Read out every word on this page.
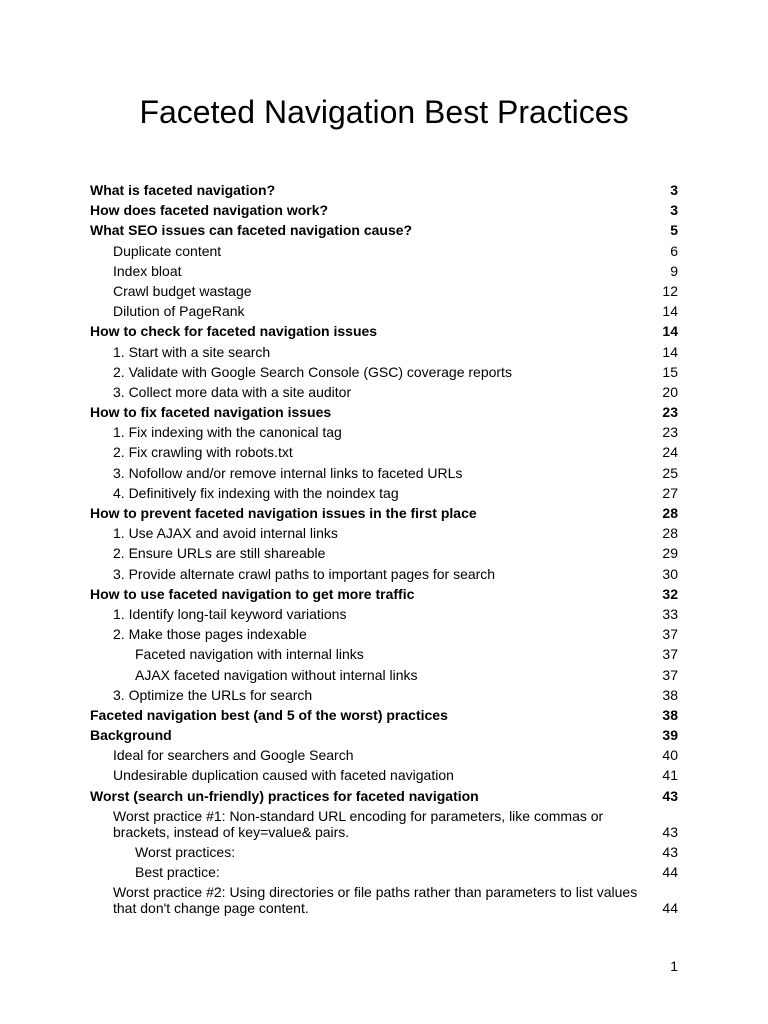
Faceted Navigation Best Practices
What is faceted navigation?	3
How does faceted navigation work?	3
What SEO issues can faceted navigation cause?	5
Duplicate content	6
Index bloat	9
Crawl budget wastage	12
Dilution of PageRank	14
How to check for faceted navigation issues	14
1. Start with a site search	14
2. Validate with Google Search Console (GSC) coverage reports	15
3. Collect more data with a site auditor	20
How to fix faceted navigation issues	23
1. Fix indexing with the canonical tag	23
2. Fix crawling with robots.txt	24
3. Nofollow and/or remove internal links to faceted URLs	25
4. Definitively fix indexing with the noindex tag	27
How to prevent faceted navigation issues in the first place	28
1. Use AJAX and avoid internal links	28
2. Ensure URLs are still shareable	29
3. Provide alternate crawl paths to important pages for search	30
How to use faceted navigation to get more traffic	32
1. Identify long-tail keyword variations	33
2. Make those pages indexable	37
Faceted navigation with internal links	37
AJAX faceted navigation without internal links	37
3. Optimize the URLs for search	38
Faceted navigation best (and 5 of the worst) practices	38
Background	39
Ideal for searchers and Google Search	40
Undesirable duplication caused with faceted navigation	41
Worst (search un-friendly) practices for faceted navigation	43
Worst practice #1: Non-standard URL encoding for parameters, like commas or brackets, instead of key=value& pairs.	43
Worst practices:	43
Best practice:	44
Worst practice #2: Using directories or file paths rather than parameters to list values that don't change page content.	44
1
